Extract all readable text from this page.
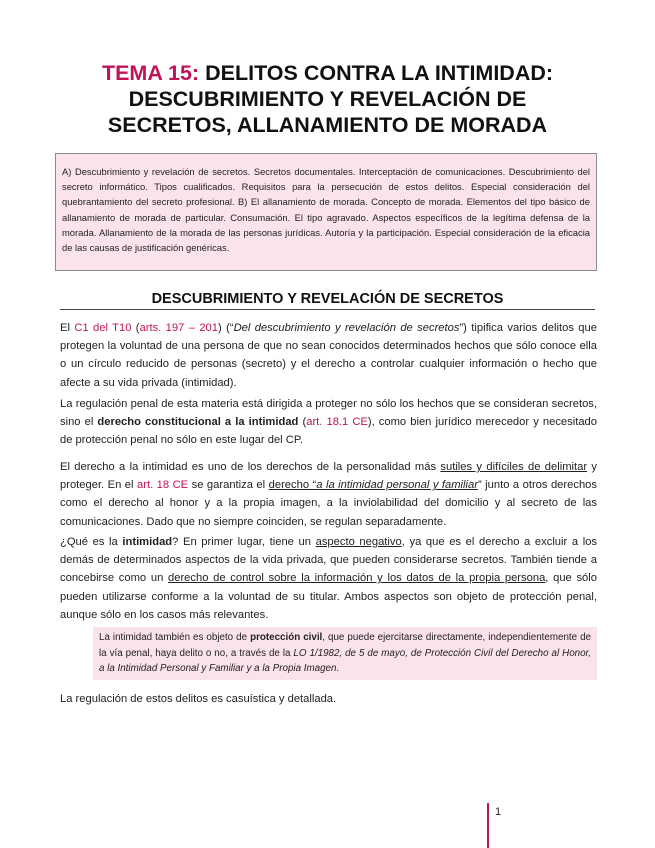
TEMA 15: DELITOS CONTRA LA INTIMIDAD:
DESCUBRIMIENTO Y REVELACIÓN DE
SECRETOS, ALLANAMIENTO DE MORADA
A) Descubrimiento y revelación de secretos. Secretos documentales. Interceptación de comunicaciones. Descubrimiento del secreto informático. Tipos cualificados. Requisitos para la persecución de estos delitos. Especial consideración del quebrantamiento del secreto profesional. B) El allanamiento de morada. Concepto de morada. Elementos del tipo básico de allanamiento de morada de particular. Consumación. El tipo agravado. Aspectos específicos de la legítima defensa de la morada. Allanamiento de la morada de las personas jurídicas. Autoría y la participación. Especial consideración de la eficacia de las causas de justificación genéricas.
DESCUBRIMIENTO Y REVELACIÓN DE SECRETOS

El C1 del T10 (arts. 197 – 201) (“Del descubrimiento y revelación de secretos”) tipifica varios delitos que protegen la voluntad de una persona de que no sean conocidos determinados hechos que sólo conoce ella o un círculo reducido de personas (secreto) y el derecho a controlar cualquier información o hecho que afecte a su vida privada (intimidad).

La regulación penal de esta materia está dirigida a proteger no sólo los hechos que se consideran secretos, sino el derecho constitucional a la intimidad (art. 18.1 CE), como bien jurídico merecedor y necesitado de protección penal no sólo en este lugar del CP.

El derecho a la intimidad es uno de los derechos de la personalidad más sutiles y difíciles de delimitar y proteger. En el art. 18 CE se garantiza el derecho “a la intimidad personal y familiar” junto a otros derechos como el derecho al honor y a la propia imagen, a la inviolabilidad del domicilio y al secreto de las comunicaciones. Dado que no siempre coinciden, se regulan separadamente.

¿Qué es la intimidad? En primer lugar, tiene un aspecto negativo, ya que es el derecho a excluir a los demás de determinados aspectos de la vida privada, que pueden considerarse secretos. También tiende a concebirse como un derecho de control sobre la información y los datos de la propia persona, que sólo pueden utilizarse conforme a la voluntad de su titular. Ambos aspectos son objeto de protección penal, aunque sólo en los casos más relevantes.

La intimidad también es objeto de protección civil, que puede ejercitarse directamente, independientemente de la vía penal, haya delito o no, a través de la LO 1/1982, de 5 de mayo, de Protección Civil del Derecho al Honor, a la Intimidad Personal y Familiar y a la Propia Imagen.

La regulación de estos delitos es casuística y detallada.

1
